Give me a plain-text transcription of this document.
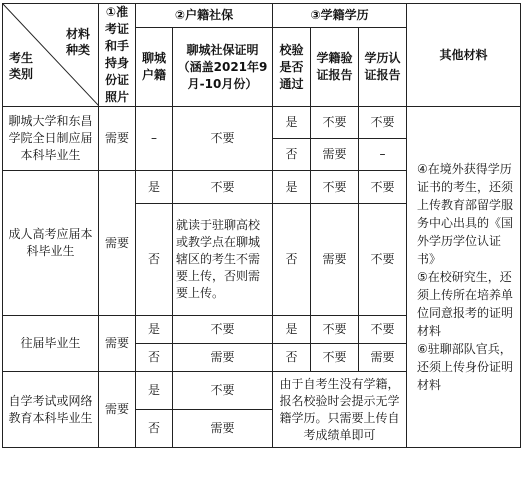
材料
种类
考生
类别	①准考证和手持身份证照片	②户籍社保		③学籍学历			其他材料
		聊城户籍	聊城社保证明（涵盖2021年9月-10月份）	校验是否通过	学籍验证报告	学历认证报告	
聊城大学和东昌学院全日制应届本科毕业生	需要	–	不要	是	不要	不要	④在境外获得学历证书的考生，还须上传教育部留学服务中心出具的《国外学历学位认证书》
⑤在校研究生，还须上传所在培养单位同意报考的证明材料
⑥驻聊部队官兵，还须上传身份证明材料

				否	需要	–	
成人高考应届本科毕业生	需要	是	不要	是	不要	不要	
		否	就读于驻聊高校或教学点在聊城辖区的考生不需要上传，否则需要上传。	否	需要	不要	
往届毕业生	需要	是	不要	是	不要	不要	
		否	需要	否	不要	需要	
自学考试或网络教育本科毕业生	需要	是	不要	由于自考生没有学籍，报名校验时会提示无学籍学历。只需要上传自考成绩单即可			
		否	需要				
